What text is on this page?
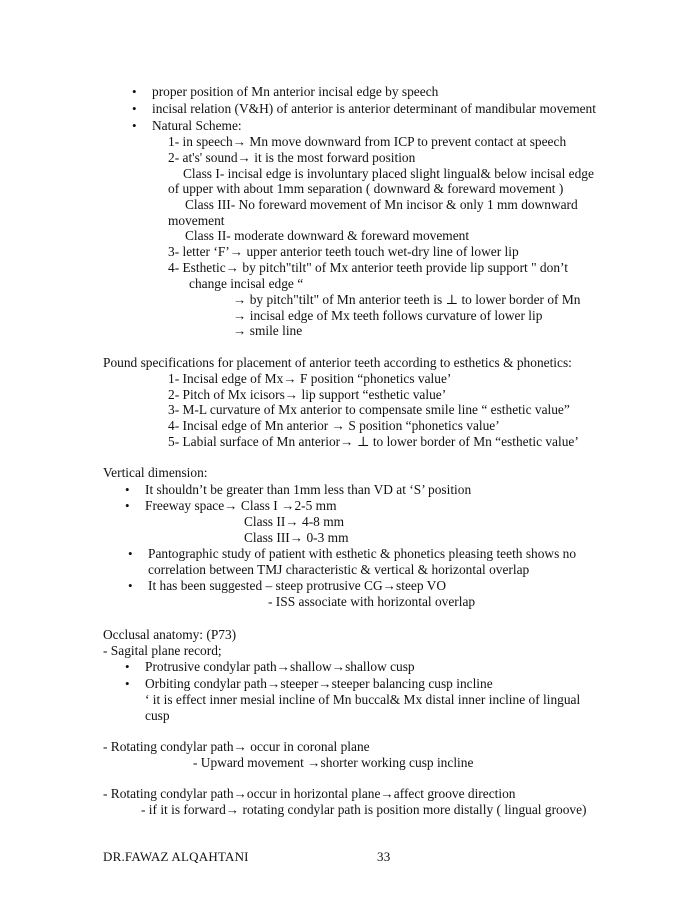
• proper position of Mn anterior incisal edge by speech
• incisal relation (V&H) of anterior is anterior determinant of mandibular movement
• Natural Scheme:
1- in speech→ Mn move downward from ICP to prevent contact at speech
2- at's' sound→ it is the most forward position
Class I- incisal edge is involuntary placed slight lingual& below incisal edge
of upper with about 1mm separation ( downward & foreward movement )
Class III- No foreward movement of Mn incisor & only 1 mm downward
movement
Class II- moderate downward & foreward movement
3- letter ‘F’→ upper anterior teeth touch wet-dry line of lower lip
4- Esthetic→ by pitch"tilt" of Mx anterior teeth provide lip support " don’t
change incisal edge “
→ by pitch"tilt" of Mn anterior teeth is ⊥ to lower border of Mn
→ incisal edge of Mx teeth follows curvature of lower lip
→ smile line
Pound specifications for placement of anterior teeth according to esthetics & phonetics:
1- Incisal edge of Mx→ F position “phonetics value’
2- Pitch of Mx icisors→ lip support “esthetic value’
3- M-L curvature of Mx anterior to compensate smile line “ esthetic value”
4- Incisal edge of Mn anterior → S position “phonetics value’
5- Labial surface of Mn anterior→ ⊥ to lower border of Mn “esthetic value’
Vertical dimension:
• It shouldn’t be greater than 1mm less than VD at ‘S’ position
• Freeway space→ Class I →2-5 mm
Class II→ 4-8 mm
Class III→ 0-3 mm
• Pantographic study of patient with esthetic & phonetics pleasing teeth shows no
correlation between TMJ characteristic & vertical & horizontal overlap
• It has been suggested – steep protrusive CG→steep VO
- ISS associate with horizontal overlap
Occlusal anatomy: (P73)
- Sagital plane record;
• Protrusive condylar path→shallow→shallow cusp
• Orbiting condylar path→steeper→steeper balancing cusp incline
‘ it is effect inner mesial incline of Mn buccal& Mx distal inner incline of lingual
cusp
- Rotating condylar path→ occur in coronal plane
- Upward movement →shorter working cusp incline
- Rotating condylar path→occur in horizontal plane→affect groove direction
- if it is forward→ rotating condylar path is position more distally ( lingual groove)
DR.FAWAZ ALQAHTANI	33
